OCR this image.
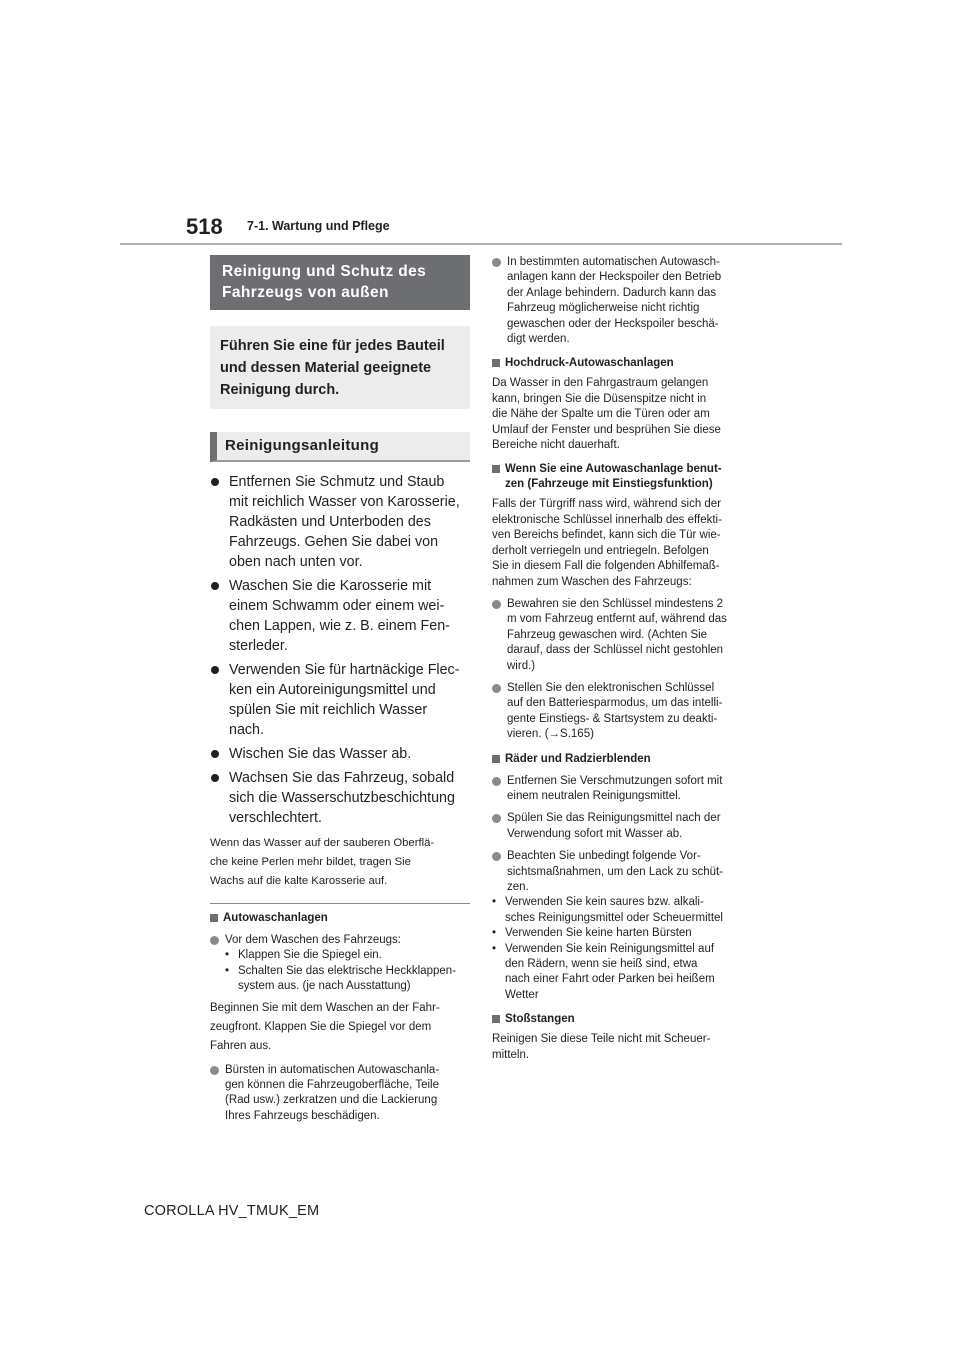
518 7-1. Wartung und Pflege
Reinigung und Schutz des
Fahrzeugs von außen
Führen Sie eine für jedes Bauteil
und dessen Material geeignete
Reinigung durch.
Reinigungsanleitung
Entfernen Sie Schmutz und Staub
mit reichlich Wasser von Karosserie,
Radkästen und Unterboden des
Fahrzeugs. Gehen Sie dabei von
oben nach unten vor.
Waschen Sie die Karosserie mit
einem Schwamm oder einem wei-
chen Lappen, wie z. B. einem Fen-
sterleder.
Verwenden Sie für hartnäckige Flec-
ken ein Autoreinigungsmittel und
spülen Sie mit reichlich Wasser
nach.
Wischen Sie das Wasser ab.
Wachsen Sie das Fahrzeug, sobald
sich die Wasserschutzbeschichtung
verschlechtert.
Wenn das Wasser auf der sauberen Oberflä-
che keine Perlen mehr bildet, tragen Sie
Wachs auf die kalte Karosserie auf.
Autowaschanlagen
Vor dem Waschen des Fahrzeugs:
• Klappen Sie die Spiegel ein.
• Schalten Sie das elektrische Heckklappen-
system aus. (je nach Ausstattung)
Beginnen Sie mit dem Waschen an der Fahr-
zeugfront. Klappen Sie die Spiegel vor dem
Fahren aus.
Bürsten in automatischen Autowaschanla-
gen können die Fahrzeugoberfläche, Teile
(Rad usw.) zerkratzen und die Lackierung
Ihres Fahrzeugs beschädigen.
In bestimmten automatischen Autowasch-
anlagen kann der Heckspoiler den Betrieb
der Anlage behindern. Dadurch kann das
Fahrzeug möglicherweise nicht richtig
gewaschen oder der Heckspoiler beschä-
digt werden.
Hochdruck-Autowaschanlagen
Da Wasser in den Fahrgastraum gelangen
kann, bringen Sie die Düsenspitze nicht in
die Nähe der Spalte um die Türen oder am
Umlauf der Fenster und besprühen Sie diese
Bereiche nicht dauerhaft.
Wenn Sie eine Autowaschanlage benut-
zen (Fahrzeuge mit Einstiegsfunktion)
Falls der Türgriff nass wird, während sich der
elektronische Schlüssel innerhalb des effekti-
ven Bereichs befindet, kann sich die Tür wie-
derholt verriegeln und entriegeln. Befolgen
Sie in diesem Fall die folgenden Abhilfemaß-
nahmen zum Waschen des Fahrzeugs:
Bewahren sie den Schlüssel mindestens 2
m vom Fahrzeug entfernt auf, während das
Fahrzeug gewaschen wird. (Achten Sie
darauf, dass der Schlüssel nicht gestohlen
wird.)
Stellen Sie den elektronischen Schlüssel
auf den Batteriesparmodus, um das intelli-
gente Einstiegs- & Startsystem zu deakti-
vieren. (→S.165)
Räder und Radzierblenden
Entfernen Sie Verschmutzungen sofort mit
einem neutralen Reinigungsmittel.
Spülen Sie das Reinigungsmittel nach der
Verwendung sofort mit Wasser ab.
Beachten Sie unbedingt folgende Vor-
sichtsmaßnahmen, um den Lack zu schüt-
zen.
• Verwenden Sie kein saures bzw. alkali-
sches Reinigungsmittel oder Scheuermittel
• Verwenden Sie keine harten Bürsten
• Verwenden Sie kein Reinigungsmittel auf
den Rädern, wenn sie heiß sind, etwa
nach einer Fahrt oder Parken bei heißem
Wetter
Stoßstangen
Reinigen Sie diese Teile nicht mit Scheuer-
mitteln.
COROLLA HV_TMUK_EM
